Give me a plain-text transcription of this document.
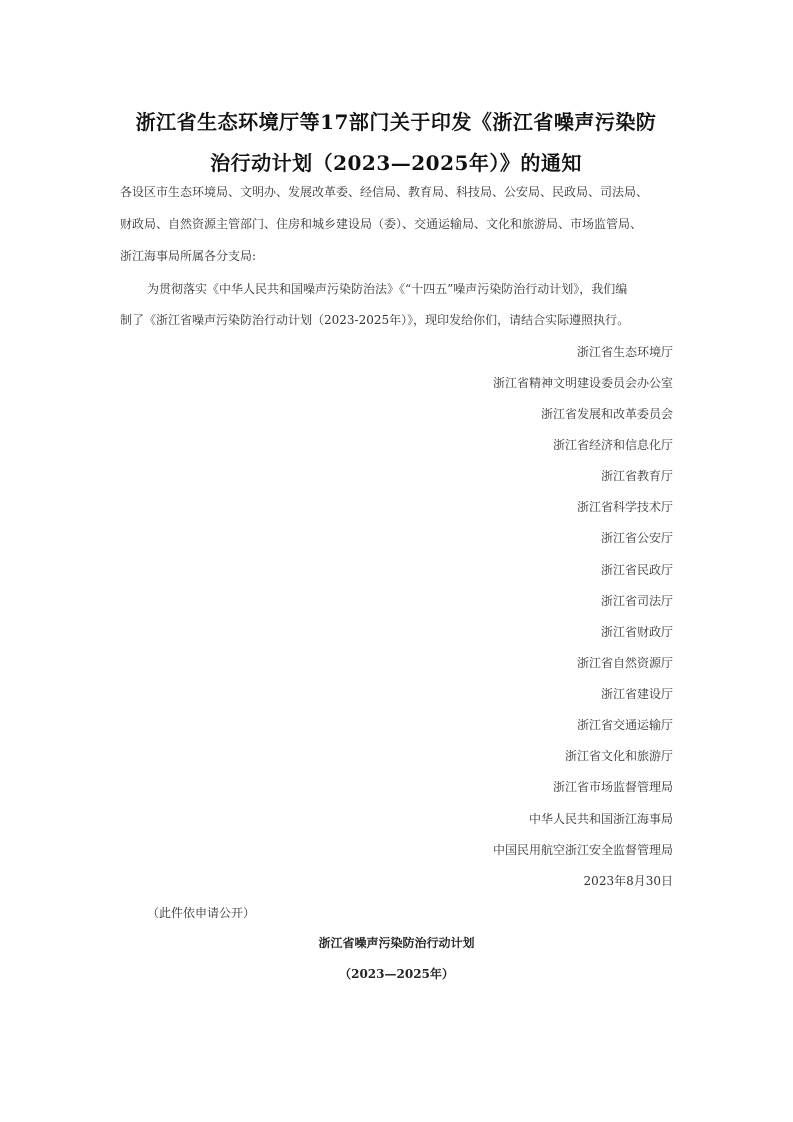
浙江省生态环境厅等17部门关于印发《浙江省噪声污染防
治行动计划（2023—2025年）》的通知
各设区市生态环境局、文明办、发展改革委、经信局、教育局、科技局、公安局、民政局、司法局、
财政局、自然资源主管部门、住房和城乡建设局（委）、交通运输局、文化和旅游局、市场监管局、
浙江海事局所属各分支局:
为贯彻落实《中华人民共和国噪声污染防治法》《“十四五”噪声污染防治行动计划》，我们编
制了《浙江省噪声污染防治行动计划（2023-2025年）》，现印发给你们，请结合实际遵照执行。
浙江省生态环境厅
浙江省精神文明建设委员会办公室
浙江省发展和改革委员会
浙江省经济和信息化厅
浙江省教育厅
浙江省科学技术厅
浙江省公安厅
浙江省民政厅
浙江省司法厅
浙江省财政厅
浙江省自然资源厅
浙江省建设厅
浙江省交通运输厅
浙江省文化和旅游厅
浙江省市场监督管理局
中华人民共和国浙江海事局
中国民用航空浙江安全监督管理局
2023年8月30日
（此件依申请公开）
浙江省噪声污染防治行动计划
（2023—2025年）
